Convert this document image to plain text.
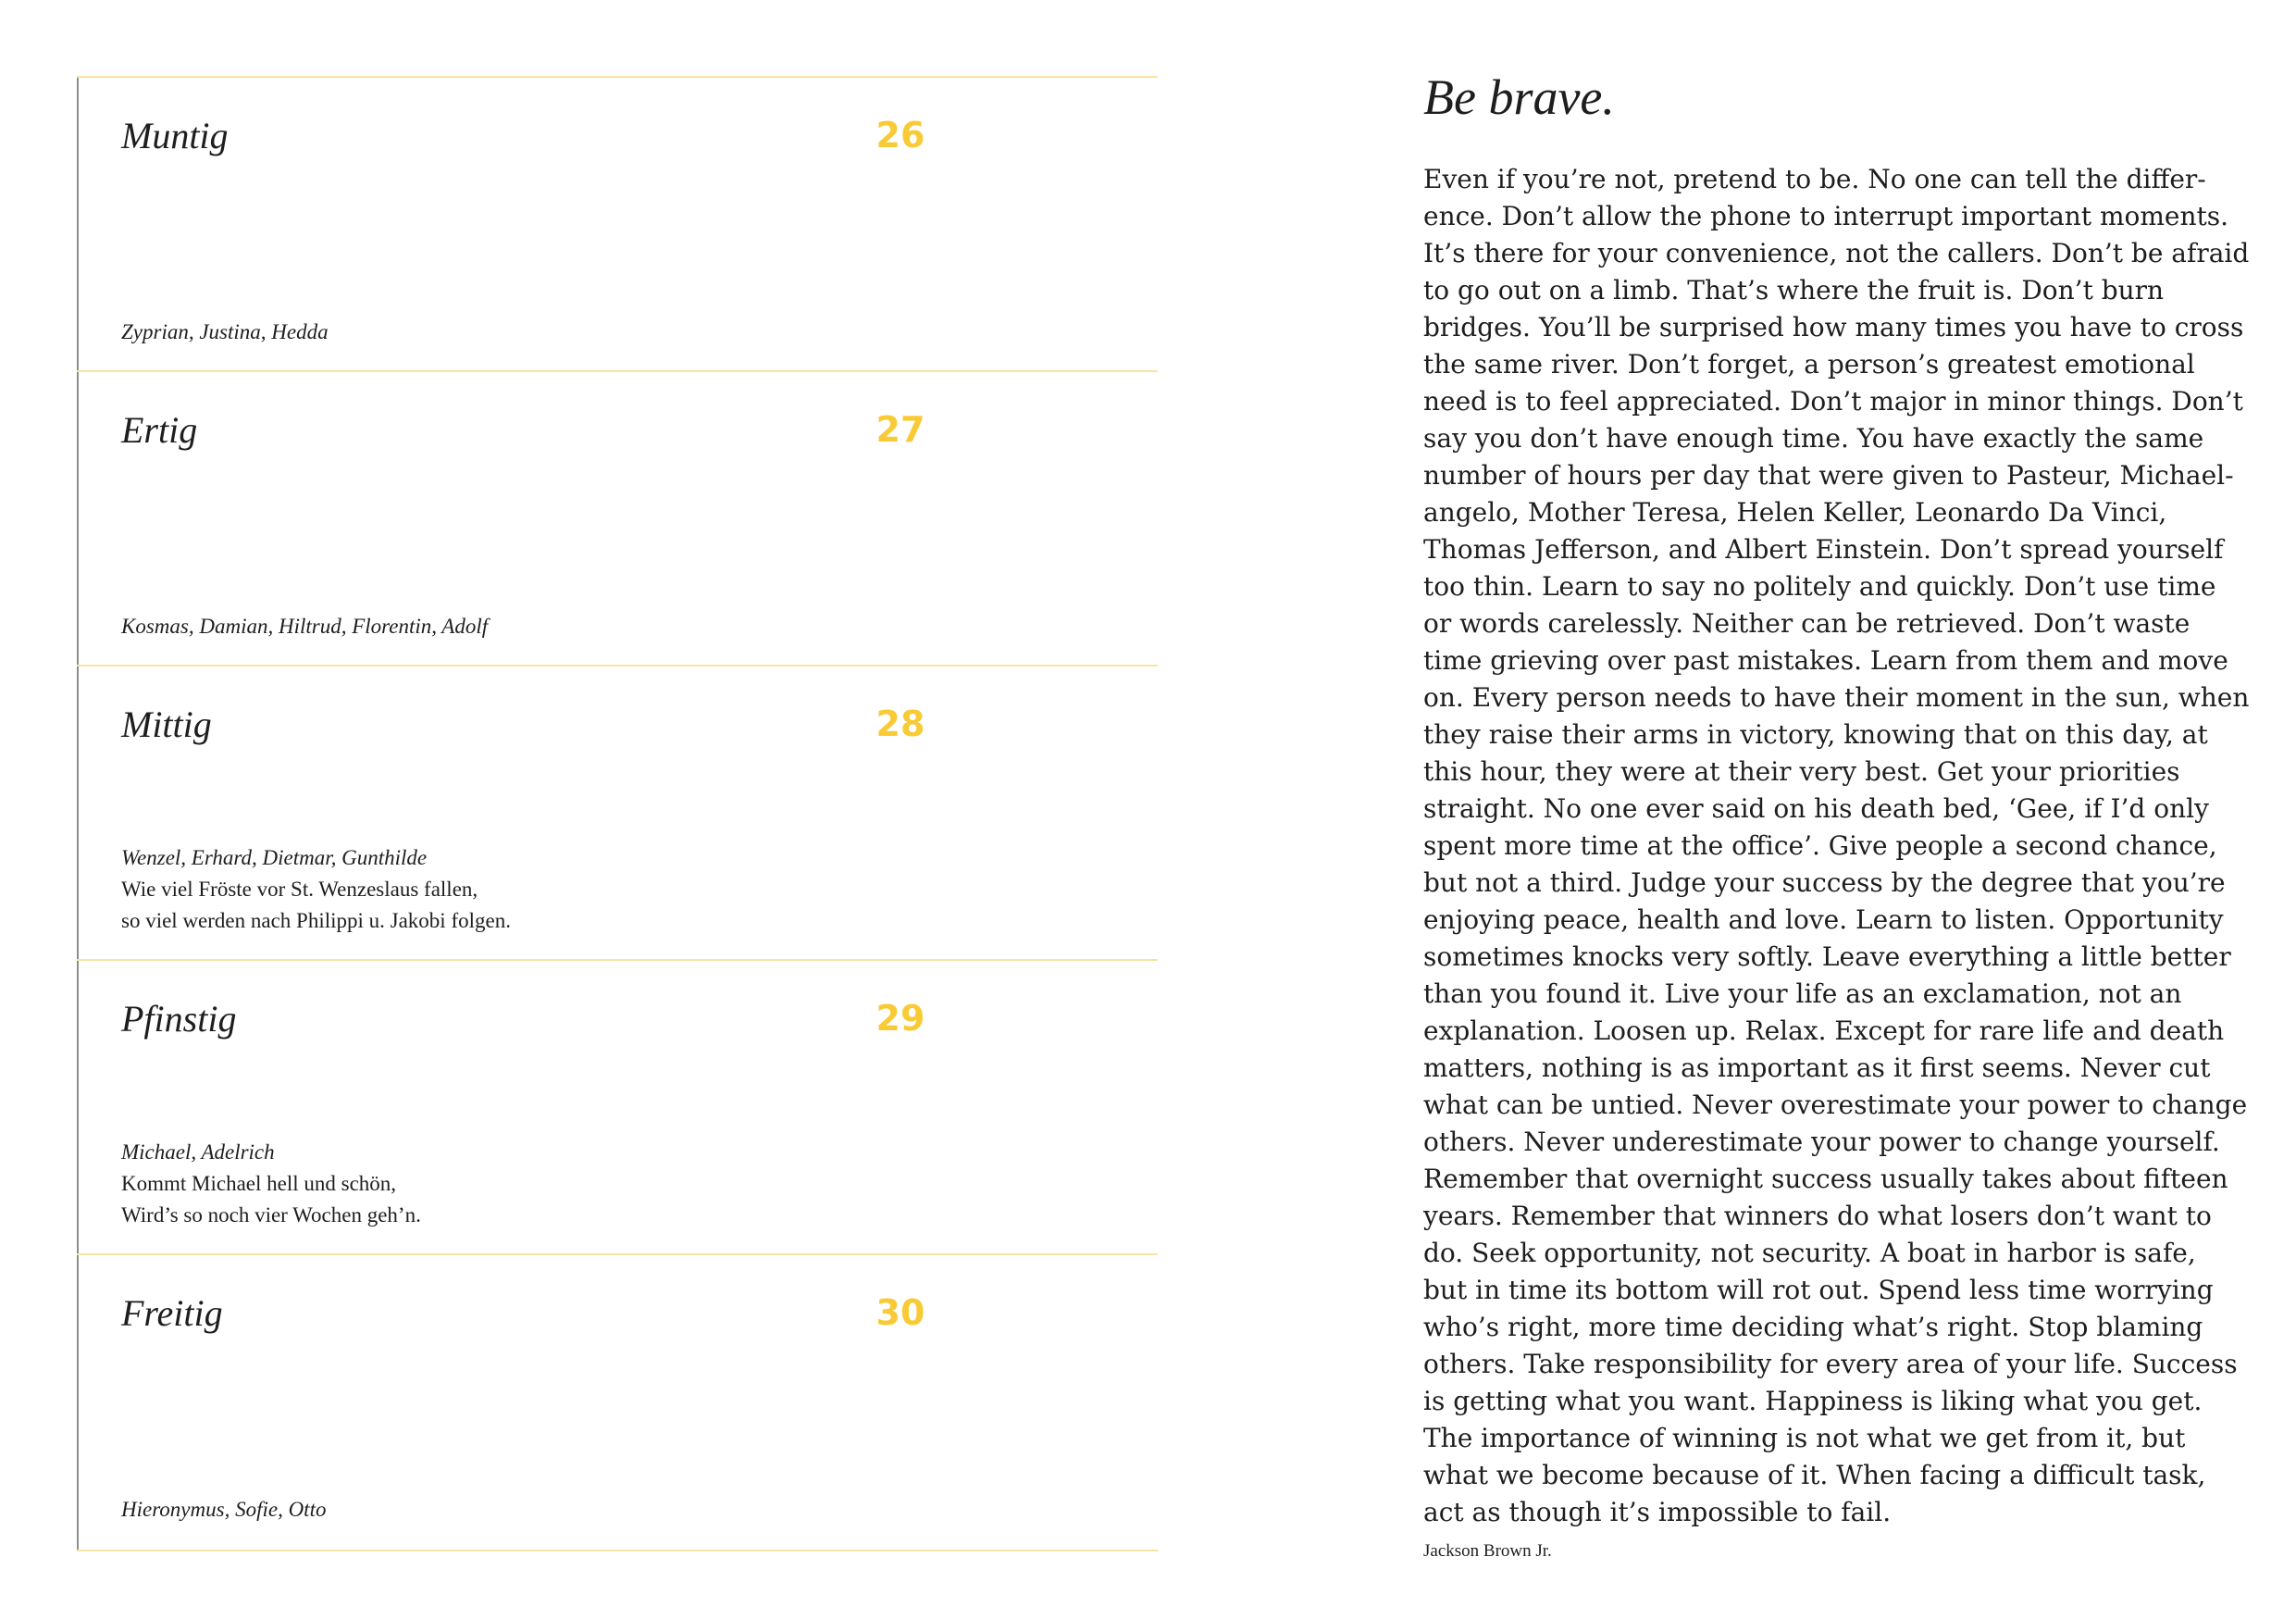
Muntig	26
Zyprian, Justina, Hedda
Ertig	27
Kosmas, Damian, Hiltrud, Florentin, Adolf
Mittig	28
Wenzel, Erhard, Dietmar, Gunthilde
Wie viel Fröste vor St. Wenzeslaus fallen,
so viel werden nach Philippi u. Jakobi folgen.
Pfinstig	29
Michael, Adelrich
Kommt Michael hell und schön,
Wird’s so noch vier Wochen geh’n.
Freitig	30
Hieronymus, Sofie, Otto
Be brave.
Even if you’re not, pretend to be. No one can tell the differ-
ence. Don’t allow the phone to interrupt important moments.
It’s there for your convenience, not the callers. Don’t be afraid
to go out on a limb. That’s where the fruit is. Don’t burn
bridges. You’ll be surprised how many times you have to cross
the same river. Don’t forget, a person’s greatest emotional
need is to feel appreciated. Don’t major in minor things. Don’t
say you don’t have enough time. You have exactly the same
number of hours per day that were given to Pasteur, Michael-
angelo, Mother Teresa, Helen Keller, Leonardo Da Vinci,
Thomas Jefferson, and Albert Einstein. Don’t spread yourself
too thin. Learn to say no politely and quickly. Don’t use time
or words carelessly. Neither can be retrieved. Don’t waste
time grieving over past mistakes. Learn from them and move
on. Every person needs to have their moment in the sun, when
they raise their arms in victory, knowing that on this day, at
this hour, they were at their very best. Get your priorities
straight. No one ever said on his death bed, ‘Gee, if I’d only
spent more time at the office’. Give people a second chance,
but not a third. Judge your success by the degree that you’re
enjoying peace, health and love. Learn to listen. Opportunity
sometimes knocks very softly. Leave everything a little better
than you found it. Live your life as an exclamation, not an
explanation. Loosen up. Relax. Except for rare life and death
matters, nothing is as important as it first seems. Never cut
what can be untied. Never overestimate your power to change
others. Never underestimate your power to change yourself.
Remember that overnight success usually takes about fifteen
years. Remember that winners do what losers don’t want to
do. Seek opportunity, not security. A boat in harbor is safe,
but in time its bottom will rot out. Spend less time worrying
who’s right, more time deciding what’s right. Stop blaming
others. Take responsibility for every area of your life. Success
is getting what you want. Happiness is liking what you get.
The importance of winning is not what we get from it, but
what we become because of it. When facing a difficult task,
act as though it’s impossible to fail.
Jackson Brown Jr.
